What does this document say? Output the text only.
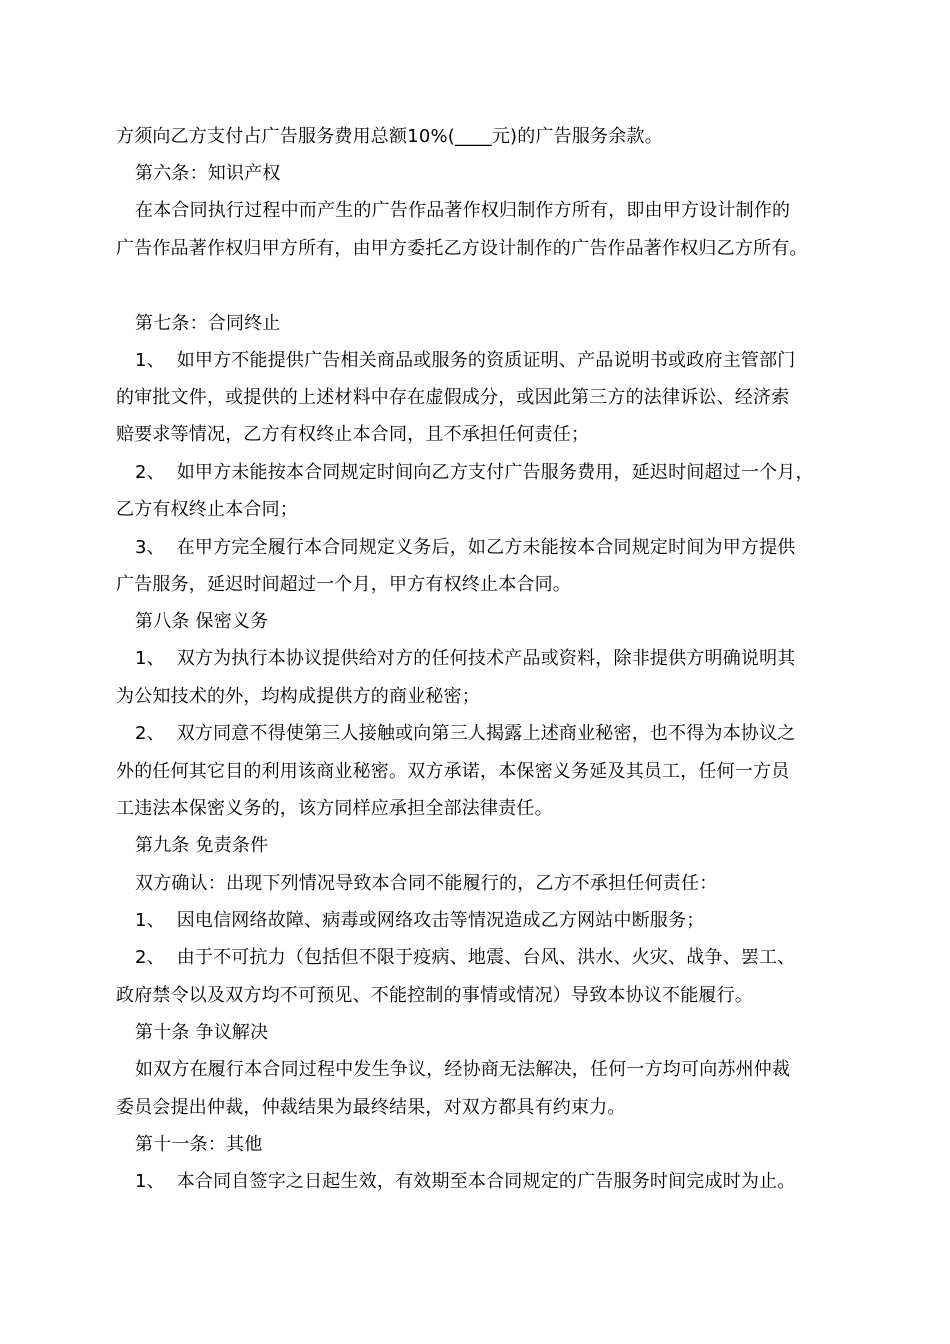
方须向乙方支付占广告服务费用总额10%(____元)的广告服务余款。
第六条：知识产权
在本合同执行过程中而产生的广告作品著作权归制作方所有，即由甲方设计制作的
广告作品著作权归甲方所有，由甲方委托乙方设计制作的广告作品著作权归乙方所有。
第七条：合同终止
1、  如甲方不能提供广告相关商品或服务的资质证明、产品说明书或政府主管部门
的审批文件，或提供的上述材料中存在虚假成分，或因此第三方的法律诉讼、经济索
赔要求等情况，乙方有权终止本合同，且不承担任何责任；
2、  如甲方未能按本合同规定时间向乙方支付广告服务费用，延迟时间超过一个月，
乙方有权终止本合同；
3、  在甲方完全履行本合同规定义务后，如乙方未能按本合同规定时间为甲方提供
广告服务，延迟时间超过一个月，甲方有权终止本合同。
第八条 保密义务
1、  双方为执行本协议提供给对方的任何技术产品或资料，除非提供方明确说明其
为公知技术的外，均构成提供方的商业秘密；
2、  双方同意不得使第三人接触或向第三人揭露上述商业秘密，也不得为本协议之
外的任何其它目的利用该商业秘密。双方承诺，本保密义务延及其员工，任何一方员
工违法本保密义务的，该方同样应承担全部法律责任。
第九条 免责条件
双方确认：出现下列情况导致本合同不能履行的，乙方不承担任何责任：
1、  因电信网络故障、病毒或网络攻击等情况造成乙方网站中断服务；
2、  由于不可抗力（包括但不限于疫病、地震、台风、洪水、火灾、战争、罢工、
政府禁令以及双方均不可预见、不能控制的事情或情况）导致本协议不能履行。
第十条 争议解决
如双方在履行本合同过程中发生争议，经协商无法解决，任何一方均可向苏州仲裁
委员会提出仲裁，仲裁结果为最终结果，对双方都具有约束力。
第十一条：其他
1、  本合同自签字之日起生效，有效期至本合同规定的广告服务时间完成时为止。
